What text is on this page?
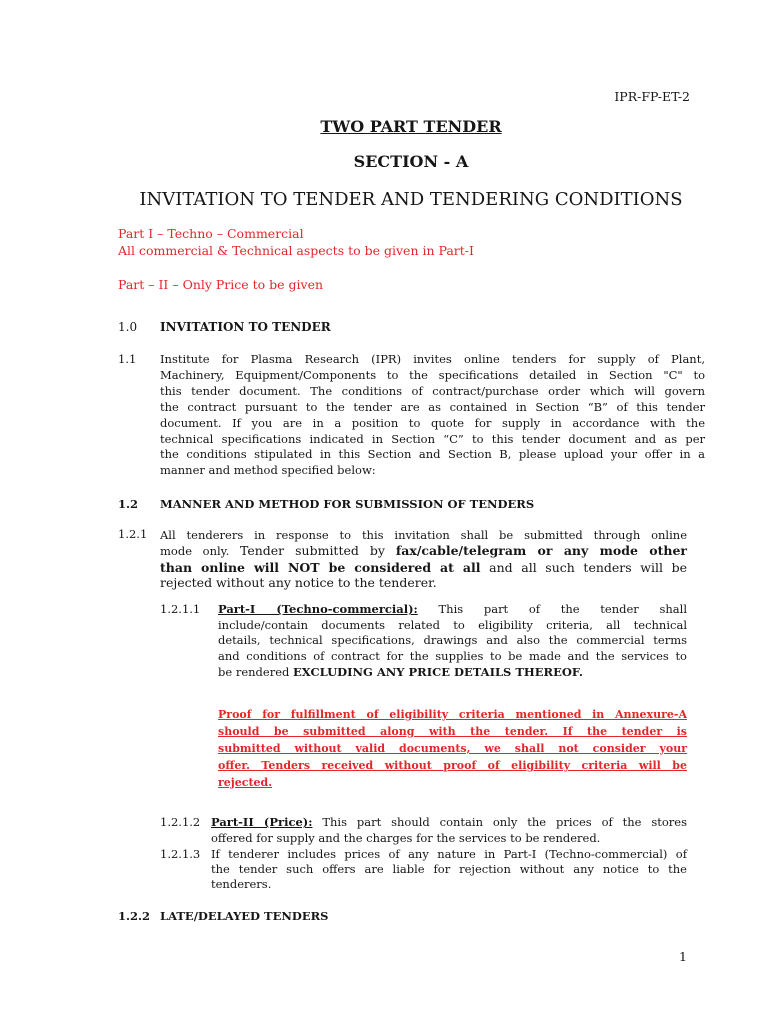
IPR-FP-ET-2
TWO PART TENDER
SECTION - A
INVITATION TO TENDER AND TENDERING CONDITIONS
Part I – Techno – Commercial
All commercial & Technical aspects to be given in Part-I
Part – II – Only Price to be given
1.0 INVITATION TO TENDER
1.1 Institute for Plasma Research (IPR) invites online tenders for supply of Plant,
Machinery, Equipment/Components to the specifications detailed in Section "C" to
this tender document. The conditions of contract/purchase order which will govern
the contract pursuant to the tender are as contained in Section “B” of this tender
document. If you are in a position to quote for supply in accordance with the
technical specifications indicated in Section “C” to this tender document and as per
the conditions stipulated in this Section and Section B, please upload your offer in a
manner and method specified below:
1.2 MANNER AND METHOD FOR SUBMISSION OF TENDERS
1.2.1 All tenderers in response to this invitation shall be submitted through online
mode only. Tender submitted by fax/cable/telegram or any mode other
than online will NOT be considered at all and all such tenders will be
rejected without any notice to the tenderer.
1.2.1.1 Part-I (Techno-commercial): This part of the tender shall
include/contain documents related to eligibility criteria, all technical
details, technical specifications, drawings and also the commercial terms
and conditions of contract for the supplies to be made and the services to
be rendered EXCLUDING ANY PRICE DETAILS THEREOF.
Proof for fulfillment of eligibility criteria mentioned in Annexure-A
should be submitted along with the tender. If the tender is
submitted without valid documents, we shall not consider your
offer. Tenders received without proof of eligibility criteria will be
rejected.
1.2.1.2 Part-II (Price): This part should contain only the prices of the stores
offered for supply and the charges for the services to be rendered.
1.2.1.3 If tenderer includes prices of any nature in Part-I (Techno-commercial) of
the tender such offers are liable for rejection without any notice to the
tenderers.
1.2.2 LATE/DELAYED TENDERS
1
